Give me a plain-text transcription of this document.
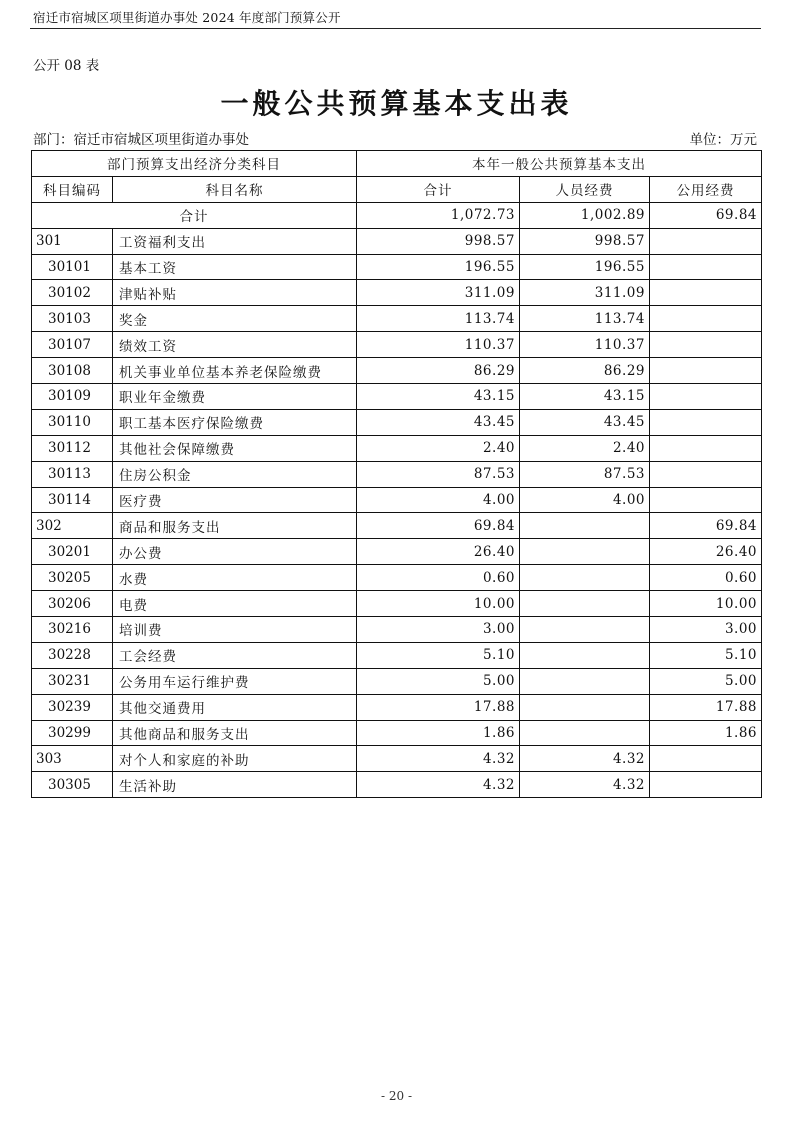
宿迁市宿城区项里街道办事处 2024 年度部门预算公开
公开 08 表
一般公共预算基本支出表
部门：宿迁市宿城区项里街道办事处	单位：万元
部门预算支出经济分类科目		本年一般公共预算基本支出		
科目编码	科目名称	合计	人员经费	公用经费
合计		1,072.73	1,002.89	69.84
301	工资福利支出	998.57	998.57	
30101	基本工资	196.55	196.55	
30102	津贴补贴	311.09	311.09	
30103	奖金	113.74	113.74	
30107	绩效工资	110.37	110.37	
30108	机关事业单位基本养老保险缴费	86.29	86.29	
30109	职业年金缴费	43.15	43.15	
30110	职工基本医疗保险缴费	43.45	43.45	
30112	其他社会保障缴费	2.40	2.40	
30113	住房公积金	87.53	87.53	
30114	医疗费	4.00	4.00	
302	商品和服务支出	69.84		69.84
30201	办公费	26.40		26.40
30205	水费	0.60		0.60
30206	电费	10.00		10.00
30216	培训费	3.00		3.00
30228	工会经费	5.10		5.10
30231	公务用车运行维护费	5.00		5.00
30239	其他交通费用	17.88		17.88
30299	其他商品和服务支出	1.86		1.86
303	对个人和家庭的补助	4.32	4.32	
30305	生活补助	4.32	4.32	
- 20 -
